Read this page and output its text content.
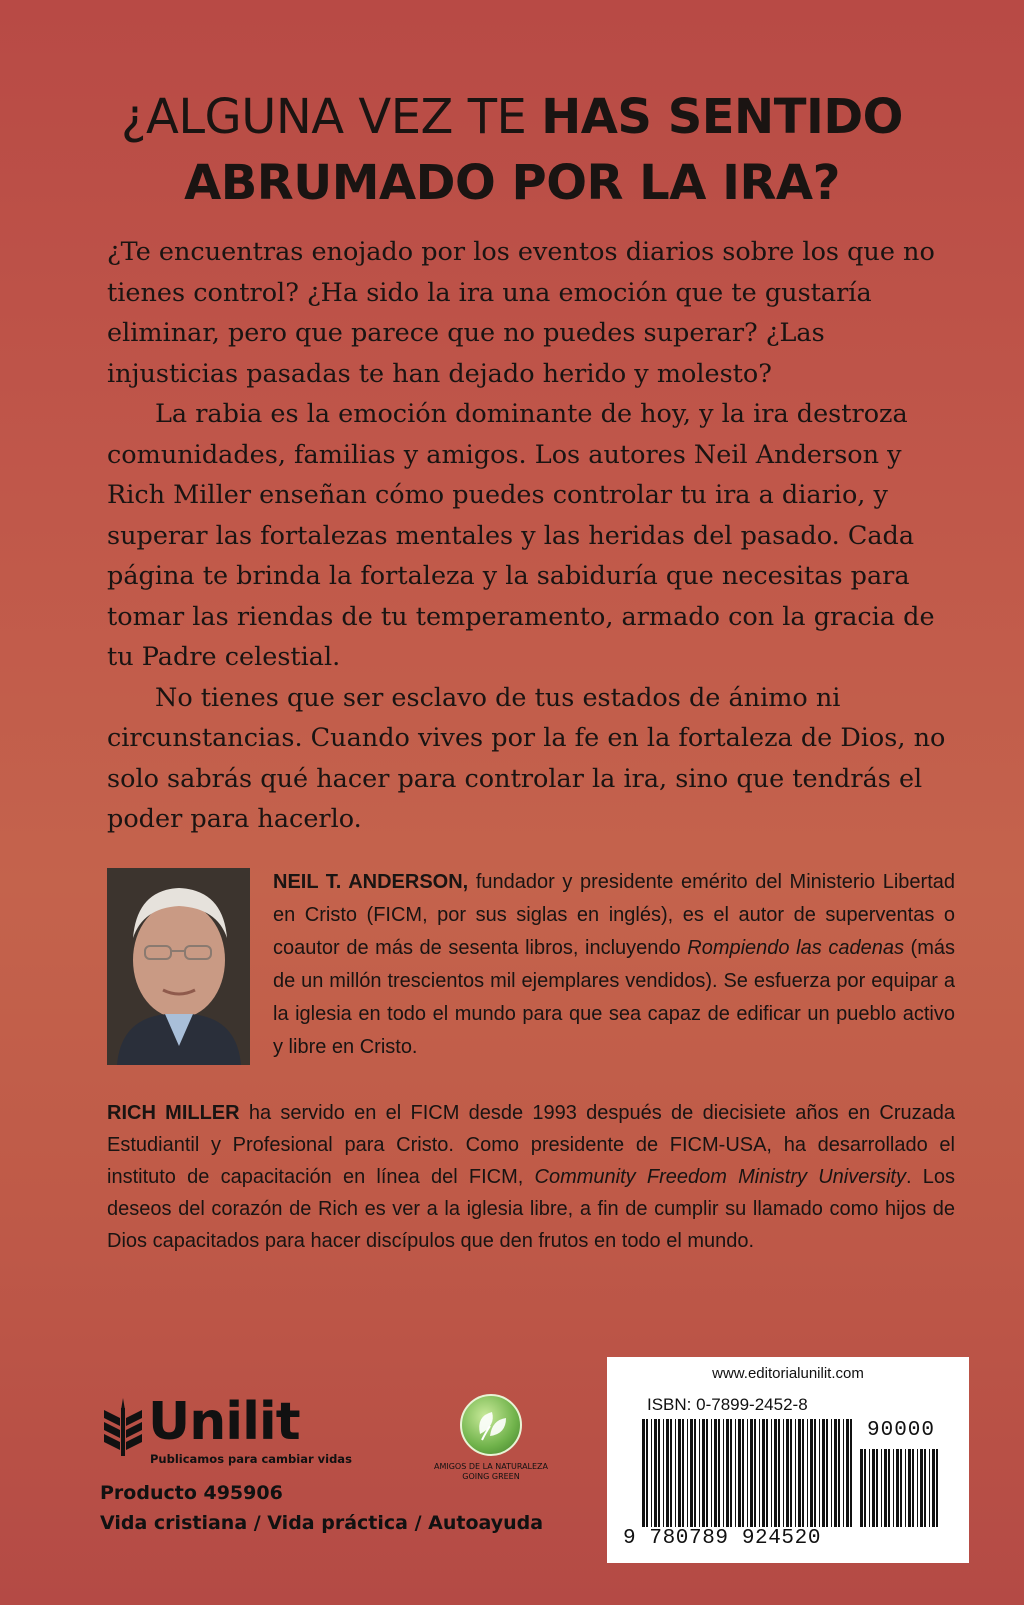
¿ALGUNA VEZ TE HAS SENTIDO
ABRUMADO POR LA IRA?

¿Te encuentras enojado por los eventos diarios sobre los que no tienes control? ¿Ha sido la ira una emoción que te gustaría eliminar, pero que parece que no puedes superar? ¿Las injusticias pasadas te han dejado herido y molesto?

La rabia es la emoción dominante de hoy, y la ira destroza comunidades, familias y amigos. Los autores Neil Anderson y Rich Miller enseñan cómo puedes controlar tu ira a diario, y superar las fortalezas mentales y las heridas del pasado. Cada página te brinda la fortaleza y la sabiduría que necesitas para tomar las riendas de tu temperamento, armado con la gracia de tu Padre celestial.

No tienes que ser esclavo de tus estados de ánimo ni circunstancias. Cuando vives por la fe en la fortaleza de Dios, no solo sabrás qué hacer para controlar la ira, sino que tendrás el poder para hacerlo.

NEIL T. ANDERSON, fundador y presidente emérito del Ministerio Libertad en Cristo (FICM, por sus siglas en inglés), es el autor de superventas o coautor de más de sesenta libros, incluyendo Rompiendo las cadenas (más de un millón trescientos mil ejemplares vendidos). Se esfuerza por equipar a la iglesia en todo el mundo para que sea capaz de edificar un pueblo activo y libre en Cristo.

RICH MILLER ha servido en el FICM desde 1993 después de diecisiete años en Cruzada Estudiantil y Profesional para Cristo. Como presidente de FICM-USA, ha desarrollado el instituto de capacitación en línea del FICM, Community Freedom Ministry University. Los deseos del corazón de Rich es ver a la iglesia libre, a fin de cumplir su llamado como hijos de Dios capacitados para hacer discípulos que den frutos en todo el mundo.

Unilit
Publicamos para cambiar vidas
Producto 495906
Vida cristiana / Vida práctica / Autoayuda
AMIGOS DE LA NATURALEZA
GOING GREEN
www.editorialunilit.com
ISBN: 0-7899-2452-8
90000
9 780789 924520
